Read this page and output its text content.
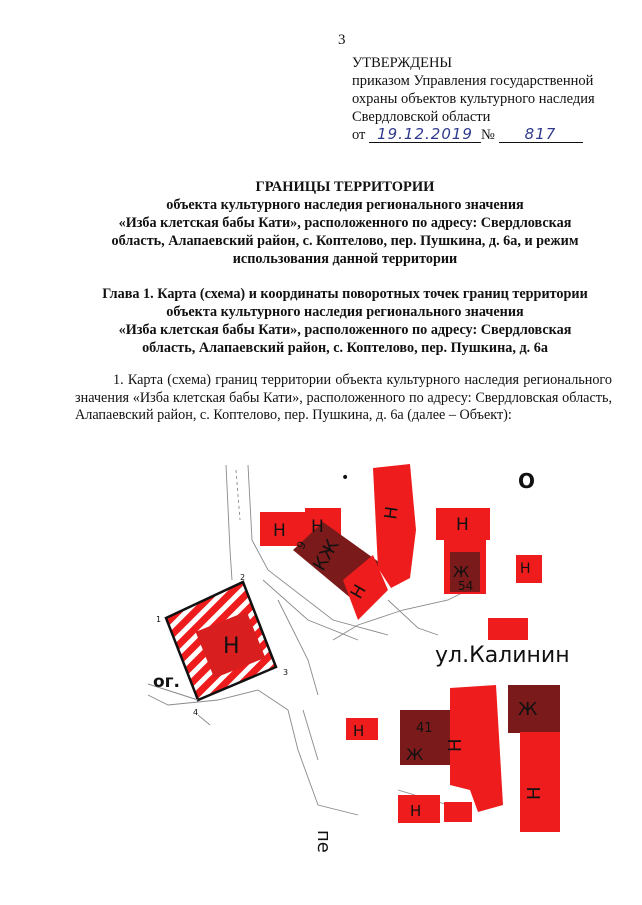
3
УТВЕРЖДЕНЫ
приказом Управления государственной
охраны объектов культурного наследия
Свердловской области
от 19.12.2019 № 817
ГРАНИЦЫ ТЕРРИТОРИИ
объекта культурного наследия регионального значения
«Изба клетская бабы Кати», расположенного по адресу: Свердловская
область, Алапаевский район, с. Коптелово, пер. Пушкина, д. 6а, и режим
использования данной территории
Глава 1. Карта (схема) и координаты поворотных точек границ территории
объекта культурного наследия регионального значения
«Изба клетская бабы Кати», расположенного по адресу: Свердловская
область, Алапаевский район, с. Коптелово, пер. Пушкина, д. 6а
1. Карта (схема) границ территории объекта культурного наследия регионального значения «Изба клетская бабы Кати», расположенного по адресу: Свердловская область, Алапаевский район, с. Коптелово, пер. Пушкина, д. 6а (далее – Объект):
•
Н Н
Н
Н
Н
КЖ	Н
О
Н
Ж Н
Ж
Н
Н
Н
Ж
9
54
41
1
2
3
4
ул.Калинин
ог.
пе
